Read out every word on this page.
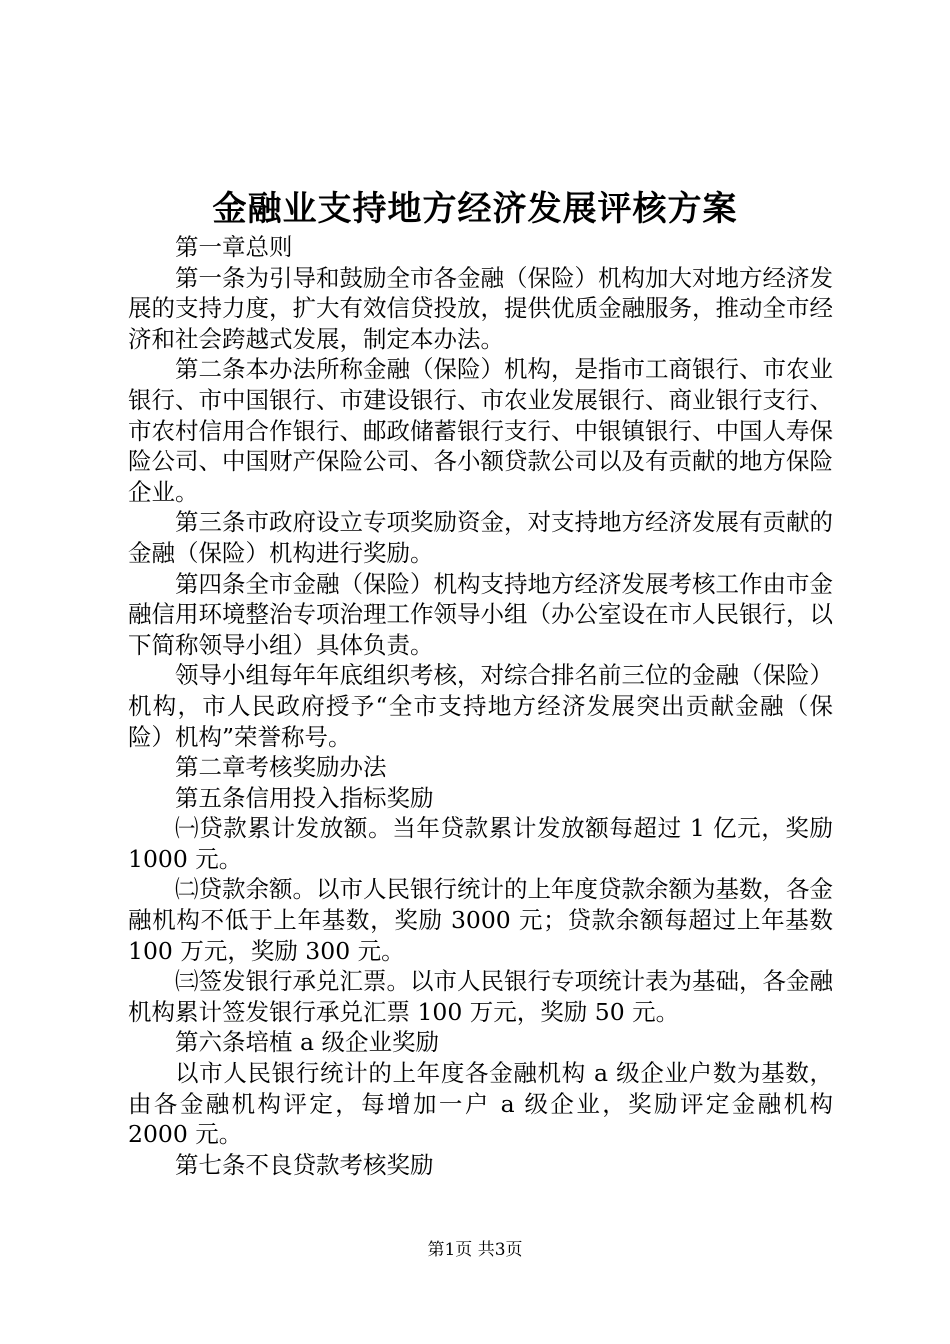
金融业支持地方经济发展评核方案

第一章总则

第一条为引导和鼓励全市各金融（保险）机构加大对地方经济发展的支持力度，扩大有效信贷投放，提供优质金融服务，推动全市经济和社会跨越式发展，制定本办法。

第二条本办法所称金融（保险）机构，是指市工商银行、市农业银行、市中国银行、市建设银行、市农业发展银行、商业银行支行、市农村信用合作银行、邮政储蓄银行支行、中银镇银行、中国人寿保险公司、中国财产保险公司、各小额贷款公司以及有贡献的地方保险企业。

第三条市政府设立专项奖励资金，对支持地方经济发展有贡献的金融（保险）机构进行奖励。

第四条全市金融（保险）机构支持地方经济发展考核工作由市金融信用环境整治专项治理工作领导小组（办公室设在市人民银行，以下简称领导小组）具体负责。

领导小组每年年底组织考核，对综合排名前三位的金融（保险）机构，市人民政府授予“全市支持地方经济发展突出贡献金融（保险）机构”荣誉称号。

第二章考核奖励办法

第五条信用投入指标奖励

㈠贷款累计发放额。当年贷款累计发放额每超过 1 亿元，奖励 1000 元。

㈡贷款余额。以市人民银行统计的上年度贷款余额为基数，各金融机构不低于上年基数，奖励 3000 元；贷款余额每超过上年基数 100 万元，奖励 300 元。

㈢签发银行承兑汇票。以市人民银行专项统计表为基础，各金融机构累计签发银行承兑汇票 100 万元，奖励 50 元。

第六条培植 a 级企业奖励

以市人民银行统计的上年度各金融机构 a 级企业户数为基数，由各金融机构评定，每增加一户 a 级企业，奖励评定金融机构 2000 元。

第七条不良贷款考核奖励

第1页 共3页
